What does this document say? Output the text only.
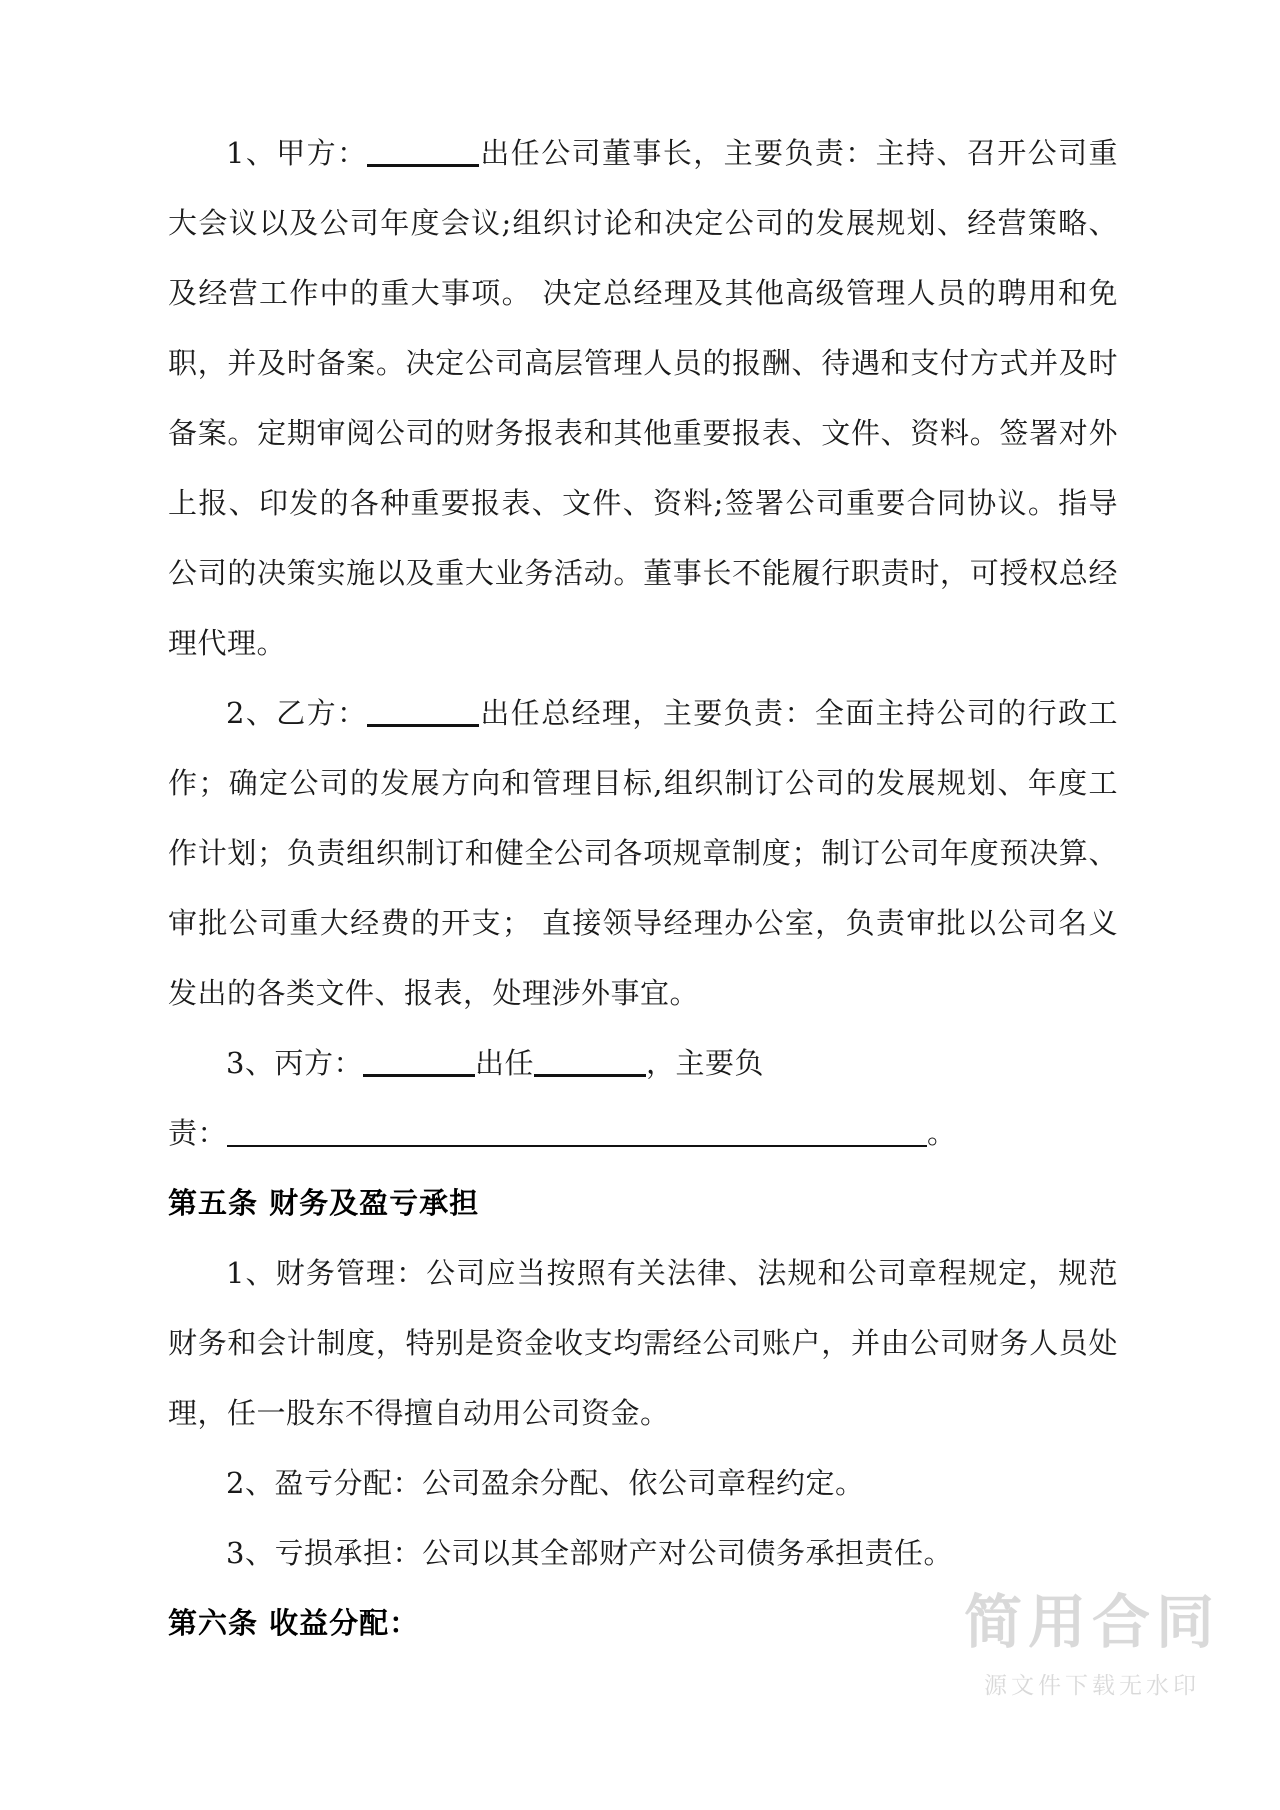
1、甲方：	出任公司董事长，主要负责：主持、召开公司重大会议以及公司年度会议;组织讨论和决定公司的发展规划、经营策略、及经营工作中的重大事项。 决定总经理及其他高级管理人员的聘用和免职，并及时备案。决定公司高层管理人员的报酬、待遇和支付方式并及时备案。定期审阅公司的财务报表和其他重要报表、文件、资料。签署对外上报、印发的各种重要报表、文件、资料;签署公司重要合同协议。指导公司的决策实施以及重大业务活动。董事长不能履行职责时，可授权总经理代理。

2、乙方：	出任总经理，主要负责：全面主持公司的行政工作；确定公司的发展方向和管理目标,组织制订公司的发展规划、年度工作计划；负责组织制订和健全公司各项规章制度；制订公司年度预决算、审批公司重大经费的开支； 直接领导经理办公室，负责审批以公司名义发出的各类文件、报表，处理涉外事宜。

3、丙方：	出任	，主要负

责：	。

第五条 财务及盈亏承担

1、财务管理：公司应当按照有关法律、法规和公司章程规定，规范财务和会计制度，特别是资金收支均需经公司账户，并由公司财务人员处理，任一股东不得擅自动用公司资金。

2、盈亏分配：公司盈余分配、依公司章程约定。

3、亏损承担：公司以其全部财产对公司债务承担责任。

第六条 收益分配：	简用合同
源文件下载无水印
